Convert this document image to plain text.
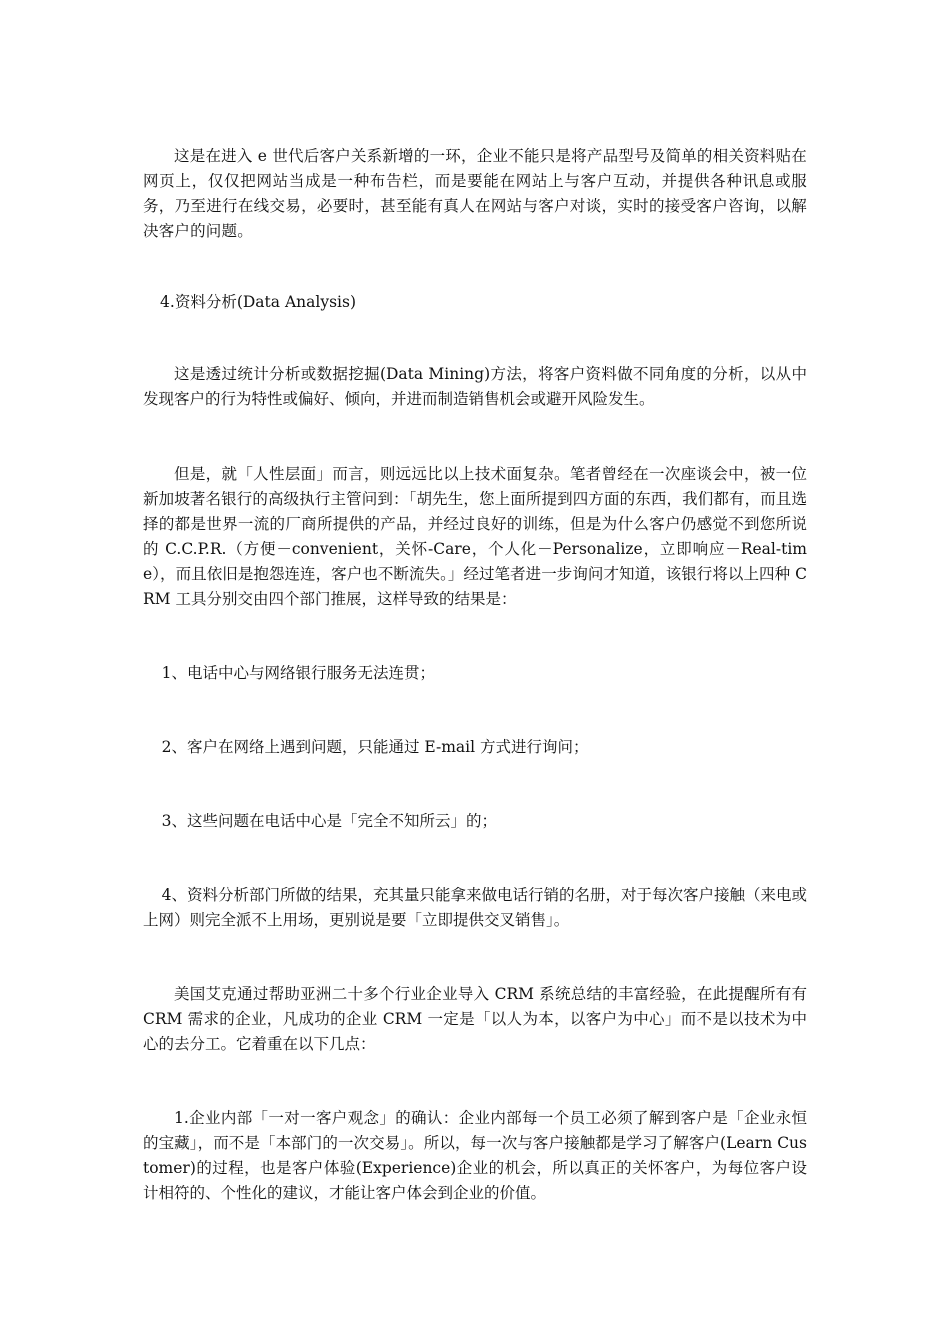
这是在进入 e 世代后客户关系新增的一环，企业不能只是将产品型号及简单的相关资料贴在网页上，仅仅把网站当成是一种布告栏，而是要能在网站上与客户互动，并提供各种讯息或服务，乃至进行在线交易，必要时，甚至能有真人在网站与客户对谈，实时的接受客户咨询，以解决客户的问题。

4.资料分析(Data Analysis)

这是透过统计分析或数据挖掘(Data Mining)方法，将客户资料做不同角度的分析，以从中发现客户的行为特性或偏好、倾向，并进而制造销售机会或避开风险发生。

但是，就「人性层面」而言，则远远比以上技术面复杂。笔者曾经在一次座谈会中，被一位新加坡著名银行的高级执行主管问到：「胡先生，您上面所提到四方面的东西，我们都有，而且选择的都是世界一流的厂商所提供的产品，并经过良好的训练，但是为什么客户仍感觉不到您所说的 C.C.P.R.（方便－convenient，关怀-Care，个人化－Personalize，立即响应－Real-time），而且依旧是抱怨连连，客户也不断流失。」经过笔者进一步询问才知道，该银行将以上四种 CRM 工具分别交由四个部门推展，这样导致的结果是：

1、电话中心与网络银行服务无法连贯；

2、客户在网络上遇到问题，只能通过 E-mail 方式进行询问；

3、这些问题在电话中心是「完全不知所云」的；

4、资料分析部门所做的结果，充其量只能拿来做电话行销的名册，对于每次客户接触（来电或上网）则完全派不上用场，更别说是要「立即提供交叉销售」。

美国艾克通过帮助亚洲二十多个行业企业导入 CRM 系统总结的丰富经验，在此提醒所有有 CRM 需求的企业，凡成功的企业 CRM 一定是「以人为本，以客户为中心」而不是以技术为中心的去分工。它着重在以下几点：

1.企业内部「一对一客户观念」的确认：企业内部每一个员工必须了解到客户是「企业永恒的宝藏」，而不是「本部门的一次交易」。所以，每一次与客户接触都是学习了解客户(Learn Customer)的过程，也是客户体验(Experience)企业的机会，所以真正的关怀客户，为每位客户设计相符的、个性化的建议，才能让客户体会到企业的价值。
